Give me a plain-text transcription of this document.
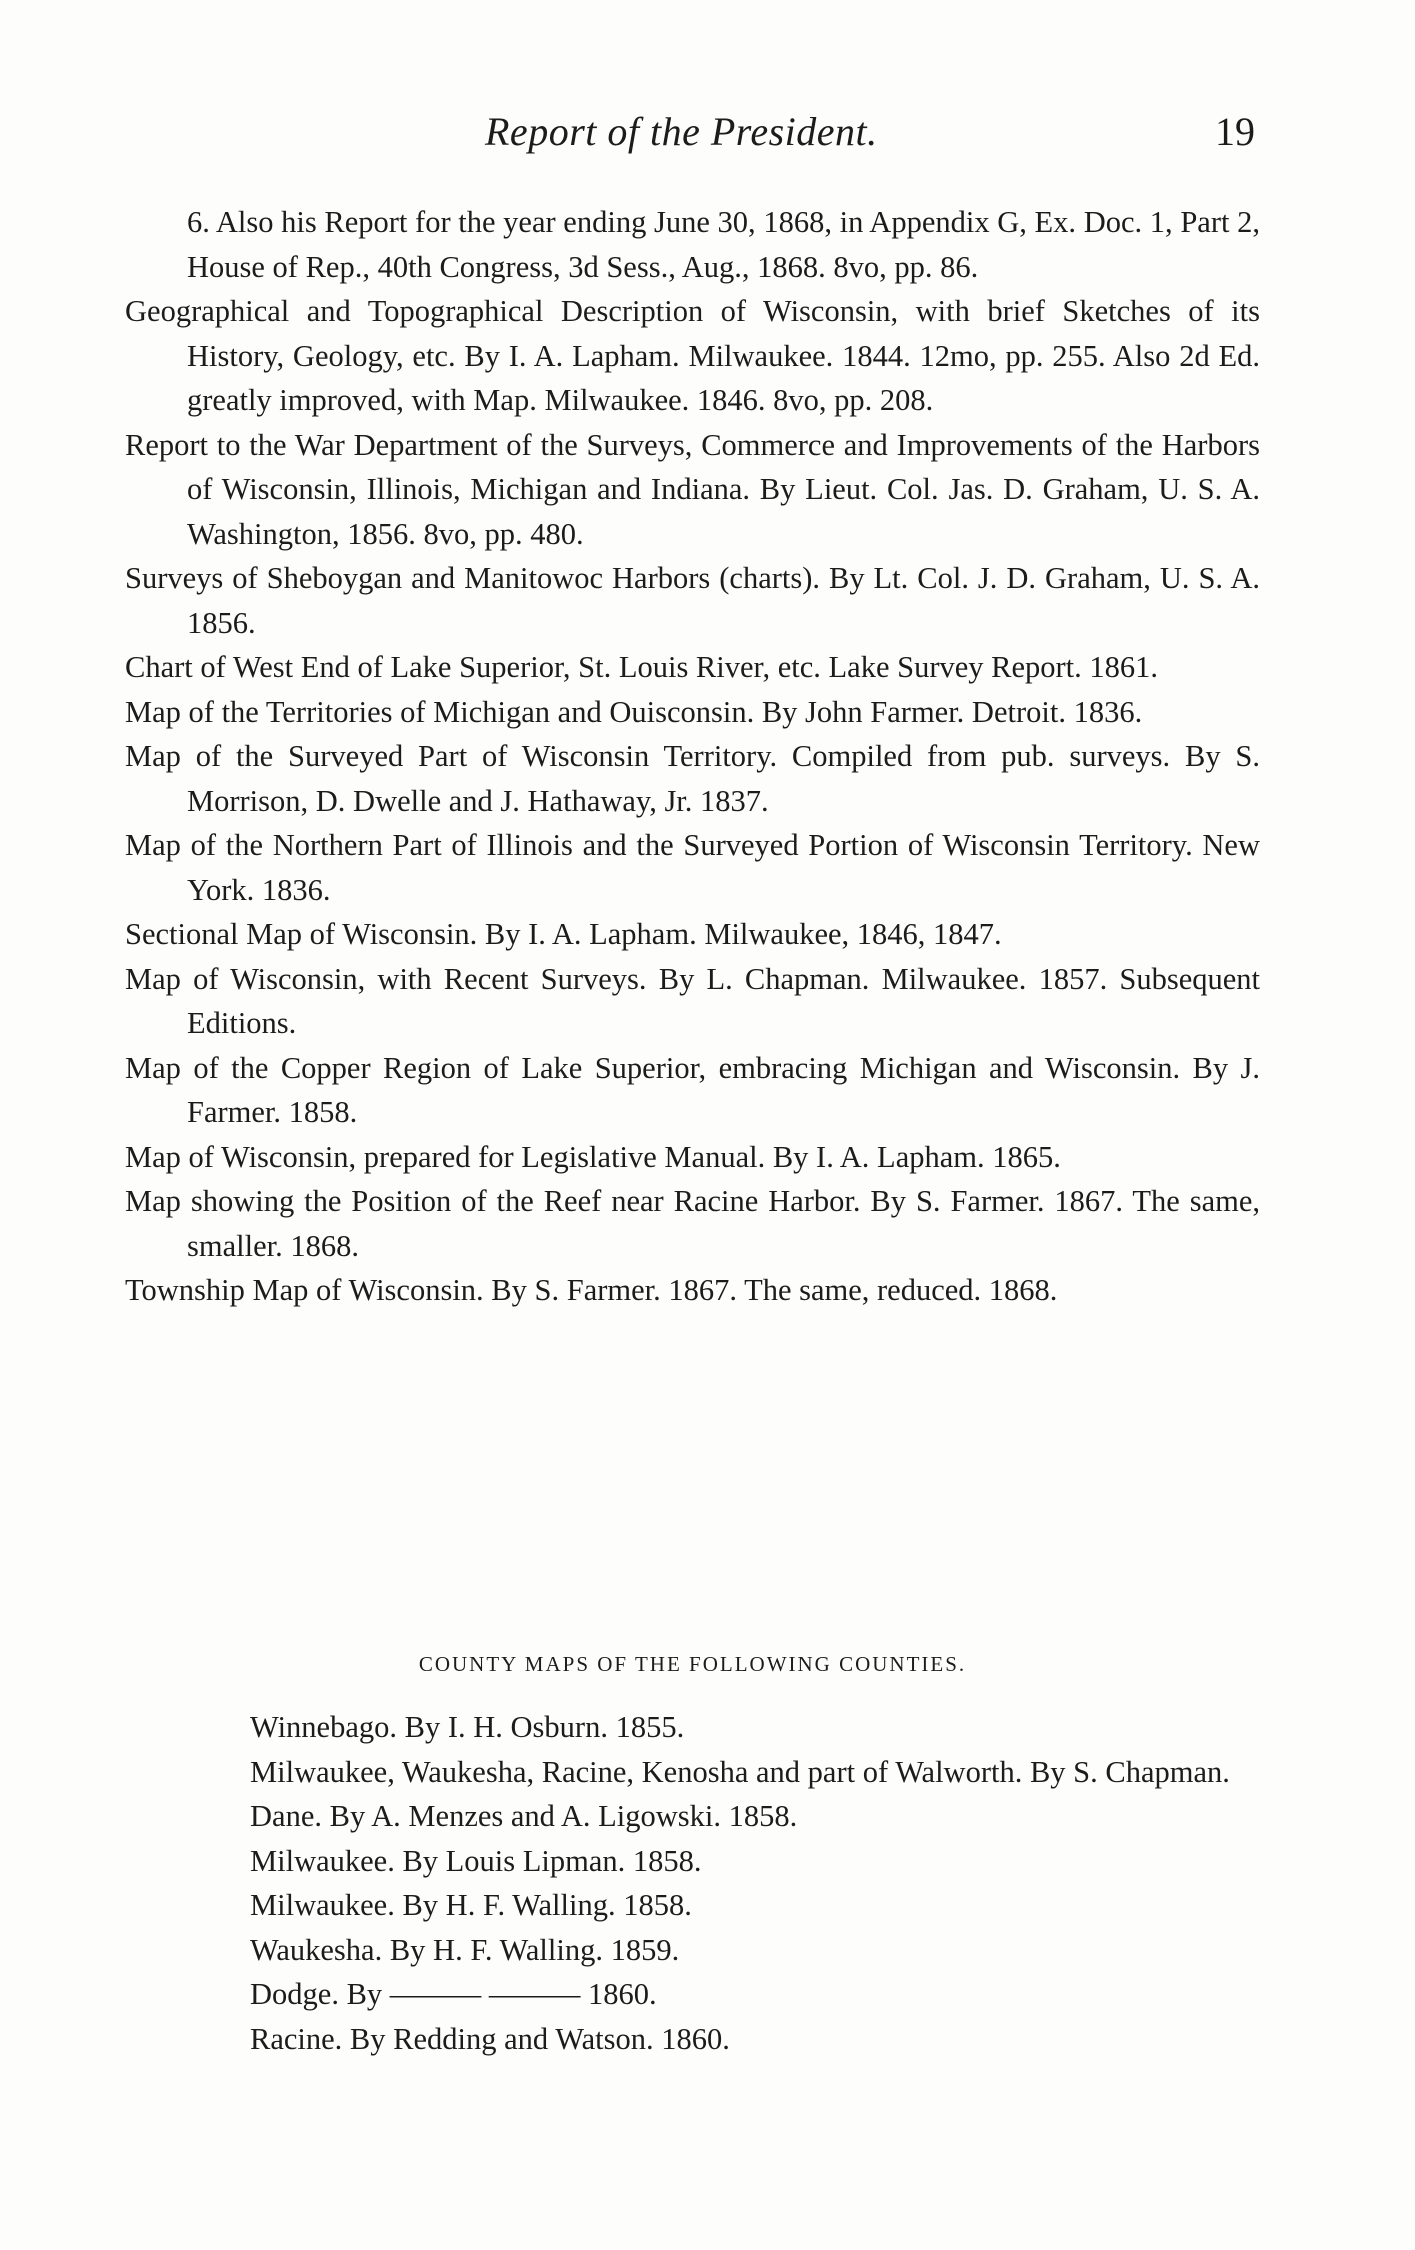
Report of the President.	19

6. Also his Report for the year ending June 30, 1868, in Appendix G, Ex. Doc. 1, Part 2, House of Rep., 40th Congress, 3d Sess., Aug., 1868. 8vo, pp. 86.

Geographical and Topographical Description of Wisconsin, with brief Sketches of its History, Geology, etc. By I. A. Lapham. Milwaukee. 1844. 12mo, pp. 255. Also 2d Ed. greatly improved, with Map. Milwaukee. 1846. 8vo, pp. 208.

Report to the War Department of the Surveys, Commerce and Improvements of the Harbors of Wisconsin, Illinois, Michigan and Indiana. By Lieut. Col. Jas. D. Graham, U. S. A. Washington, 1856. 8vo, pp. 480.

Surveys of Sheboygan and Manitowoc Harbors (charts). By Lt. Col. J. D. Graham, U. S. A. 1856.

Chart of West End of Lake Superior, St. Louis River, etc. Lake Survey Report. 1861.

Map of the Territories of Michigan and Ouisconsin. By John Farmer. Detroit. 1836.

Map of the Surveyed Part of Wisconsin Territory. Compiled from pub. surveys. By S. Morrison, D. Dwelle and J. Hathaway, Jr. 1837.

Map of the Northern Part of Illinois and the Surveyed Portion of Wisconsin Territory. New York. 1836.

Sectional Map of Wisconsin. By I. A. Lapham. Milwaukee, 1846, 1847.

Map of Wisconsin, with Recent Surveys. By L. Chapman. Milwaukee. 1857. Subsequent Editions.

Map of the Copper Region of Lake Superior, embracing Michigan and Wisconsin. By J. Farmer. 1858.

Map of Wisconsin, prepared for Legislative Manual. By I. A. Lapham. 1865.

Map showing the Position of the Reef near Racine Harbor. By S. Farmer. 1867. The same, smaller. 1868.

Township Map of Wisconsin. By S. Farmer. 1867. The same, reduced. 1868.

COUNTY MAPS OF THE FOLLOWING COUNTIES.

Winnebago. By I. H. Osburn. 1855.

Milwaukee, Waukesha, Racine, Kenosha and part of Walworth. By S. Chapman.

Dane. By A. Menzes and A. Ligowski. 1858.

Milwaukee. By Louis Lipman. 1858.

Milwaukee. By H. F. Walling. 1858.

Waukesha. By H. F. Walling. 1859.

Dodge. By ——— ——— 1860.

Racine. By Redding and Watson. 1860.
